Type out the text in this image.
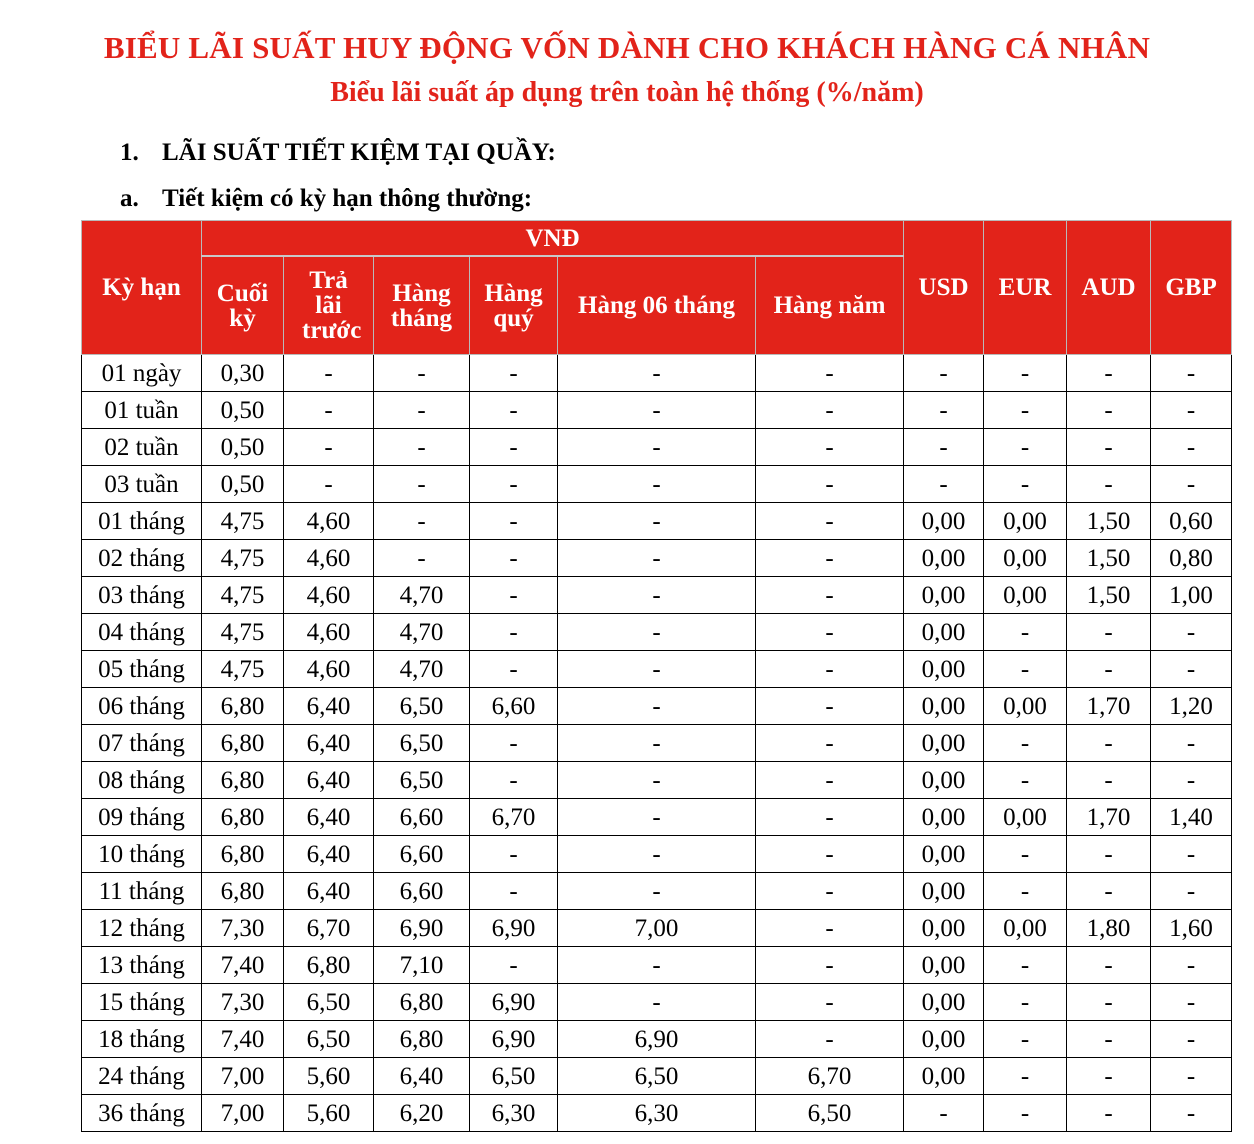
BIỂU LÃI SUẤT HUY ĐỘNG VỐN DÀNH CHO KHÁCH HÀNG CÁ NHÂN
Biểu lãi suất áp dụng trên toàn hệ thống (%/năm)
1. LÃI SUẤT TIẾT KIỆM TẠI QUẦY:
a. Tiết kiệm có kỳ hạn thông thường:
Kỳ hạn	VNĐ						USD	EUR	AUD	GBP
	Cuối kỳ	Trả lãi trước	Hàng tháng	Hàng quý	Hàng 06 tháng	Hàng năm				
01 ngày	0,30	-	-	-	-	-	-	-	-	-
01 tuần	0,50	-	-	-	-	-	-	-	-	-
02 tuần	0,50	-	-	-	-	-	-	-	-	-
03 tuần	0,50	-	-	-	-	-	-	-	-	-
01 tháng	4,75	4,60	-	-	-	-	0,00	0,00	1,50	0,60
02 tháng	4,75	4,60	-	-	-	-	0,00	0,00	1,50	0,80
03 tháng	4,75	4,60	4,70	-	-	-	0,00	0,00	1,50	1,00
04 tháng	4,75	4,60	4,70	-	-	-	0,00	-	-	-
05 tháng	4,75	4,60	4,70	-	-	-	0,00	-	-	-
06 tháng	6,80	6,40	6,50	6,60	-	-	0,00	0,00	1,70	1,20
07 tháng	6,80	6,40	6,50	-	-	-	0,00	-	-	-
08 tháng	6,80	6,40	6,50	-	-	-	0,00	-	-	-
09 tháng	6,80	6,40	6,60	6,70	-	-	0,00	0,00	1,70	1,40
10 tháng	6,80	6,40	6,60	-	-	-	0,00	-	-	-
11 tháng	6,80	6,40	6,60	-	-	-	0,00	-	-	-
12 tháng	7,30	6,70	6,90	6,90	7,00	-	0,00	0,00	1,80	1,60
13 tháng	7,40	6,80	7,10	-	-	-	0,00	-	-	-
15 tháng	7,30	6,50	6,80	6,90	-	-	0,00	-	-	-
18 tháng	7,40	6,50	6,80	6,90	6,90	-	0,00	-	-	-
24 tháng	7,00	5,60	6,40	6,50	6,50	6,70	0,00	-	-	-
36 tháng	7,00	5,60	6,20	6,30	6,30	6,50	-	-	-	-
